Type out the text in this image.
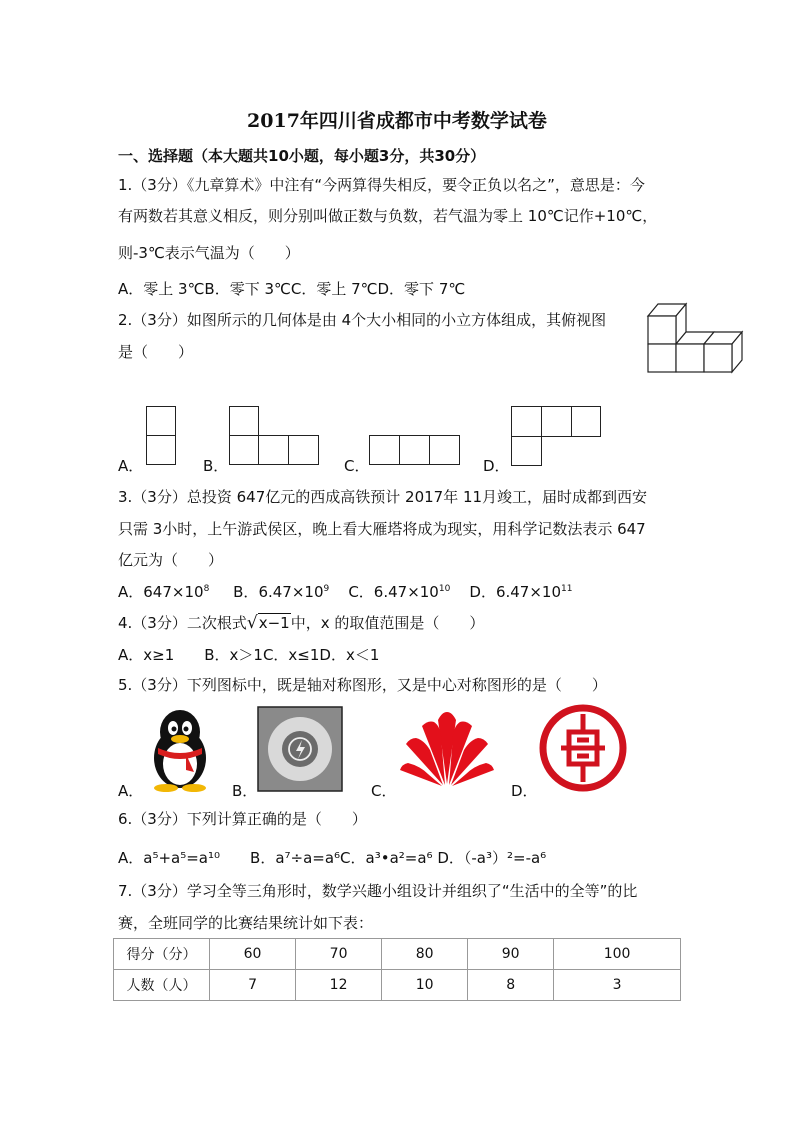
2017年四川省成都市中考数学试卷
一、选择题（本大题共10小题，每小题3分，共30分）
1.（3分）《九章算术》中注有“今两算得失相反，要令正负以名之”，意思是：今
有两数若其意义相反，则分别叫做正数与负数，若气温为零上 10℃记作+10℃，
则-3℃表示气温为（　　）
A．零上 3℃B．零下 3℃C．零上 7℃D．零下 7℃
2.（3分）如图所示的几何体是由 4个大小相同的小立方体组成，其俯视图
是（　　）
A．	B．	C．	D．
3.（3分）总投资 647亿元的西成高铁预计 2017年 11月竣工，届时成都到西安
只需 3小时，上午游武侯区，晚上看大雁塔将成为现实，用科学记数法表示 647
亿元为（　　）
A．$647\times 10^8$ B．$6.47\times 10^9$ C．$6.47\times 10^{10}$ D．$6.47\times 10^{11}$
4.（3分）二次根式√x−1中，x 的取值范围是（　　）
A．x≥1　　B．x＞1C．x≤1D．x＜1
5.（3分）下列图标中，既是轴对称图形，又是中心对称图形的是（　　）
A．	B．	C．	D．
6.（3分）下列计算正确的是（　　）
A．a⁵+a⁵=a¹⁰　　B．a⁷÷a=a⁶C．a³•a²=a⁶ D．（-a³）²=-a⁶
7.（3分）学习全等三角形时，数学兴趣小组设计并组织了“生活中的全等”的比
赛，全班同学的比赛结果统计如下表：
得分（分）	60	70	80	90	100
人数（人）	7	12	10	8	3
